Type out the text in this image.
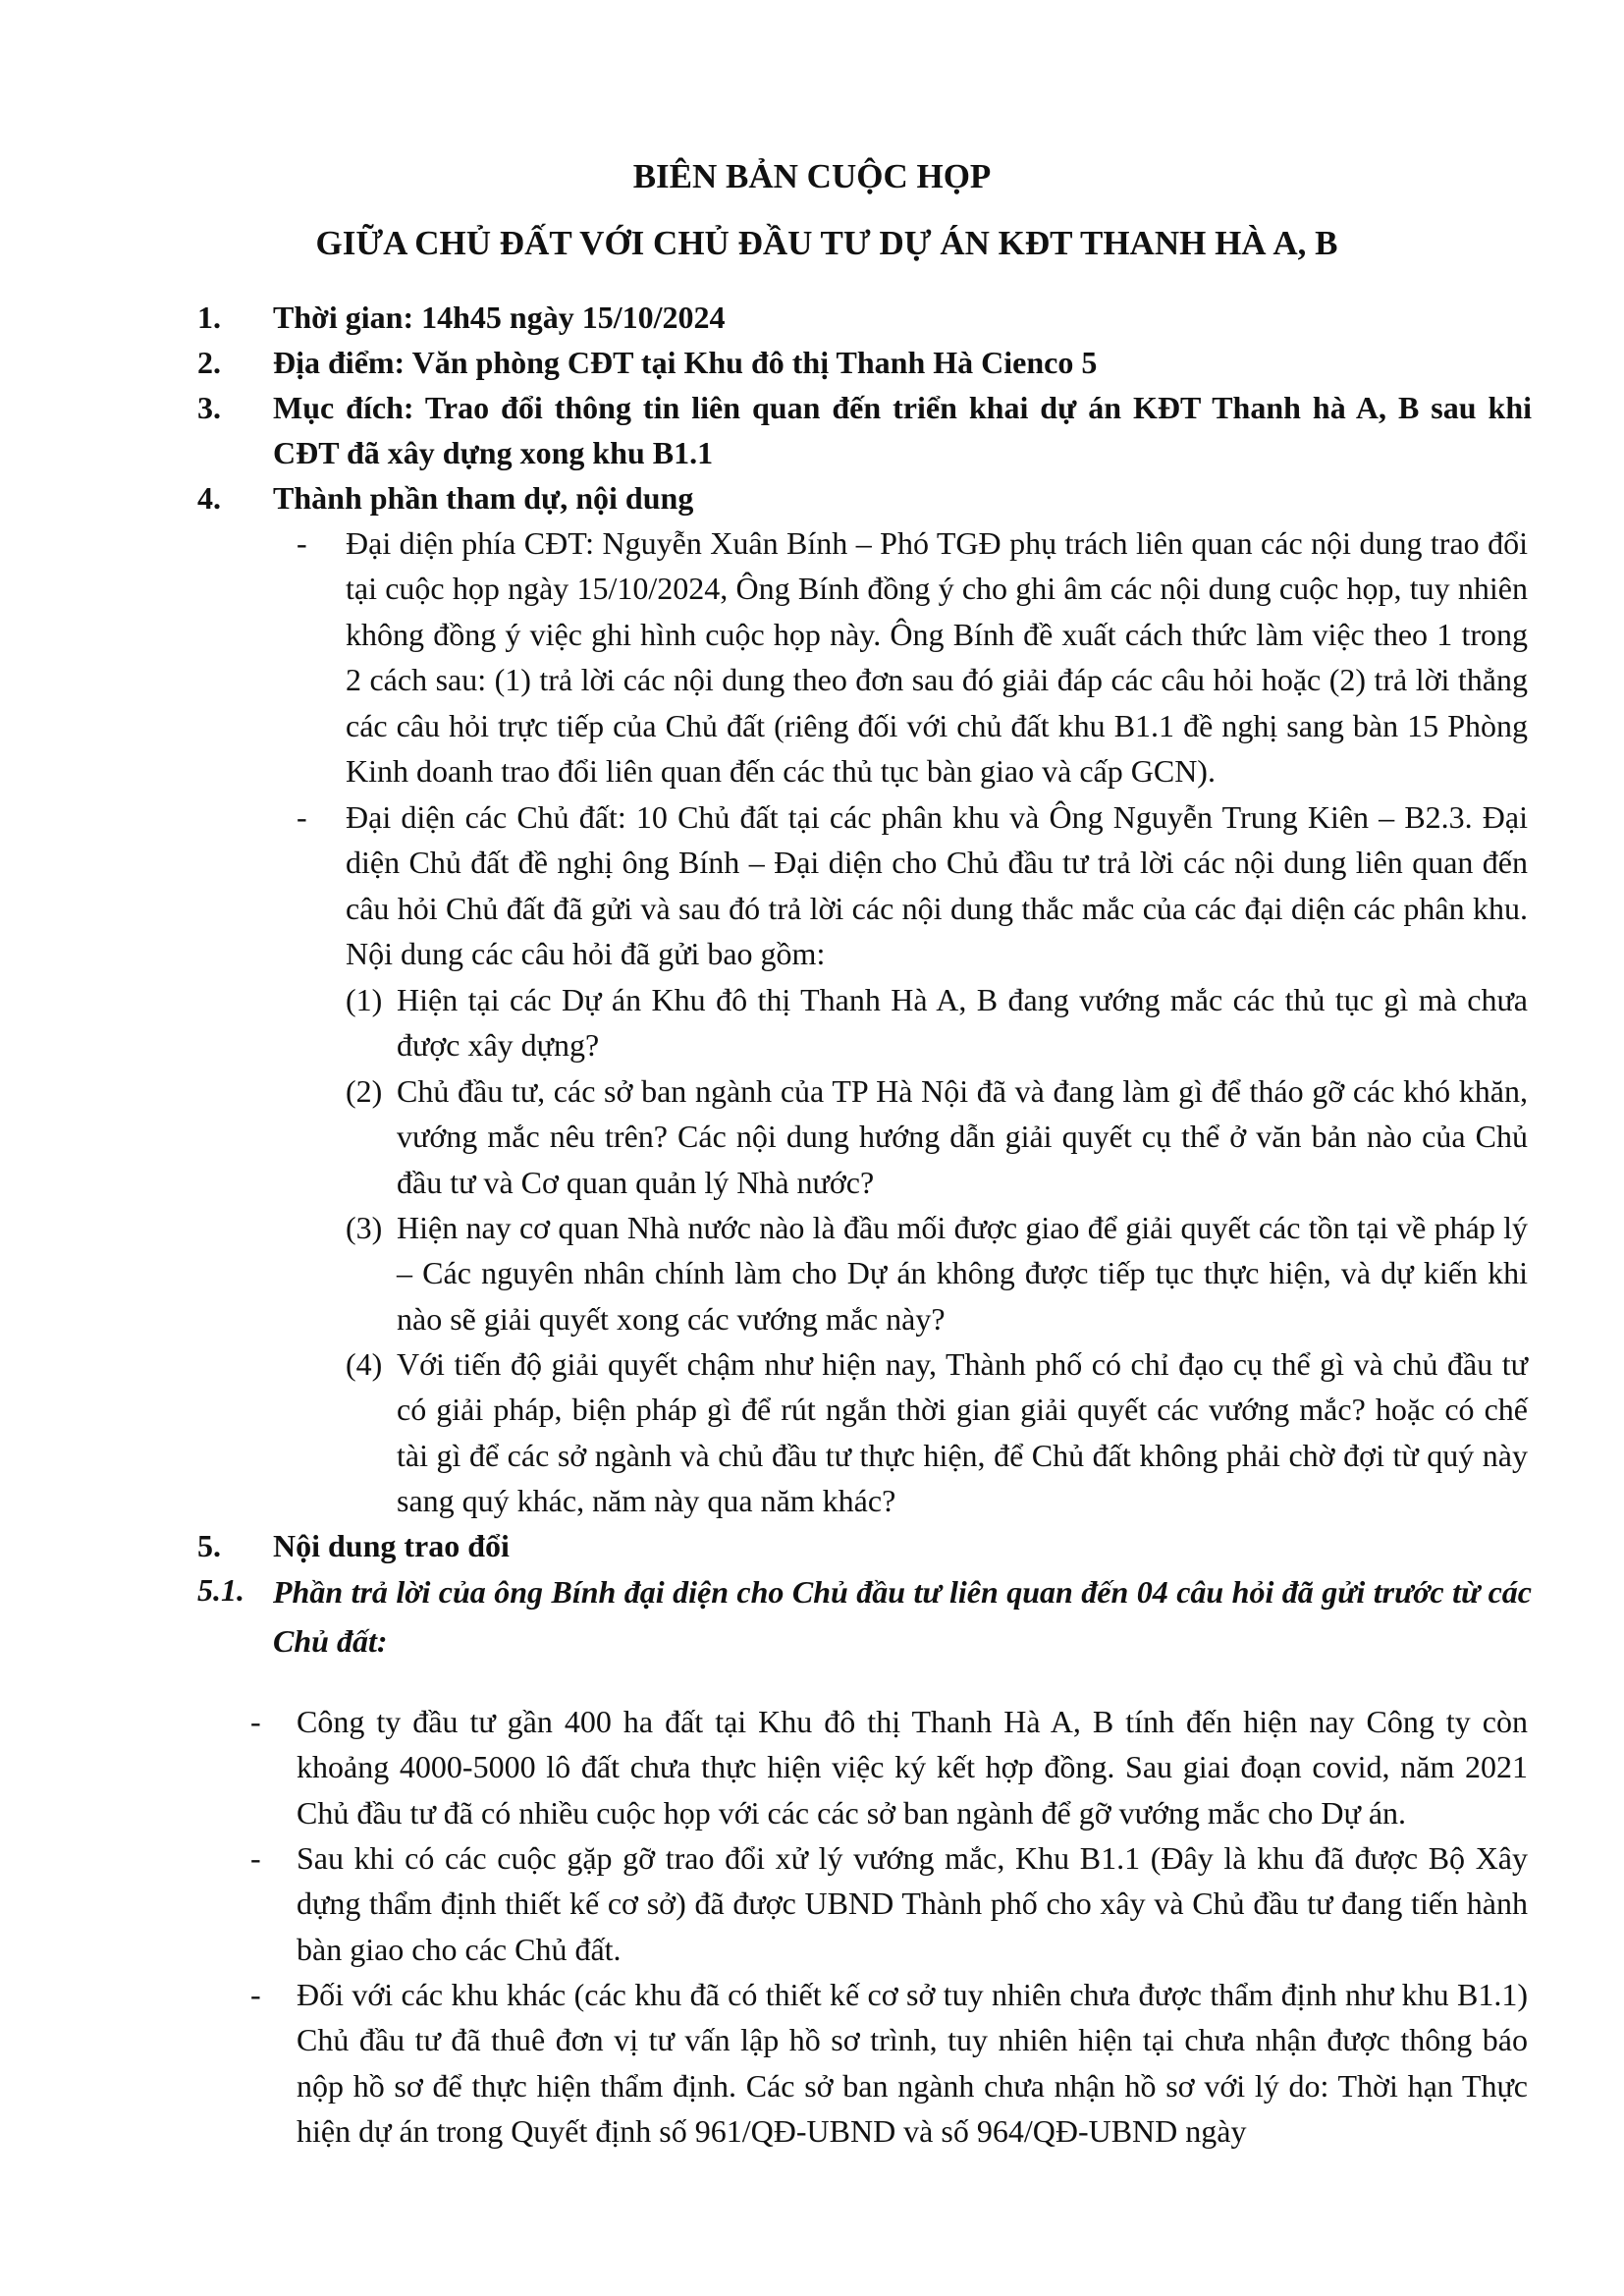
BIÊN BẢN CUỘC HỌP
GIỮA CHỦ ĐẤT VỚI CHỦ ĐẦU TƯ DỰ ÁN KĐT THANH HÀ A, B
1. Thời gian: 14h45 ngày 15/10/2024
2. Địa điểm: Văn phòng CĐT tại Khu đô thị Thanh Hà Cienco 5
3. Mục đích: Trao đổi thông tin liên quan đến triển khai dự án KĐT Thanh hà A, B sau khi CĐT đã xây dựng xong khu B1.1
4. Thành phần tham dự, nội dung
- Đại diện phía CĐT: Nguyễn Xuân Bính – Phó TGĐ phụ trách liên quan các nội dung trao đổi tại cuộc họp ngày 15/10/2024, Ông Bính đồng ý cho ghi âm các nội dung cuộc họp, tuy nhiên không đồng ý việc ghi hình cuộc họp này. Ông Bính đề xuất cách thức làm việc theo 1 trong 2 cách sau: (1) trả lời các nội dung theo đơn sau đó giải đáp các câu hỏi hoặc (2) trả lời thẳng các câu hỏi trực tiếp của Chủ đất (riêng đối với chủ đất khu B1.1 đề nghị sang bàn 15 Phòng Kinh doanh trao đổi liên quan đến các thủ tục bàn giao và cấp GCN).
- Đại diện các Chủ đất: 10 Chủ đất tại các phân khu và Ông Nguyễn Trung Kiên – B2.3. Đại diện Chủ đất đề nghị ông Bính – Đại diện cho Chủ đầu tư trả lời các nội dung liên quan đến câu hỏi Chủ đất đã gửi và sau đó trả lời các nội dung thắc mắc của các đại diện các phân khu. Nội dung các câu hỏi đã gửi bao gồm:
(1) Hiện tại các Dự án Khu đô thị Thanh Hà A, B đang vướng mắc các thủ tục gì mà chưa được xây dựng?
(2) Chủ đầu tư, các sở ban ngành của TP Hà Nội đã và đang làm gì để tháo gỡ các khó khăn, vướng mắc nêu trên? Các nội dung hướng dẫn giải quyết cụ thể ở văn bản nào của Chủ đầu tư và Cơ quan quản lý Nhà nước?
(3) Hiện nay cơ quan Nhà nước nào là đầu mối được giao để giải quyết các tồn tại về pháp lý – Các nguyên nhân chính làm cho Dự án không được tiếp tục thực hiện, và dự kiến khi nào sẽ giải quyết xong các vướng mắc này?
(4) Với tiến độ giải quyết chậm như hiện nay, Thành phố có chỉ đạo cụ thể gì và chủ đầu tư có giải pháp, biện pháp gì để rút ngắn thời gian giải quyết các vướng mắc? hoặc có chế tài gì để các sở ngành và chủ đầu tư thực hiện, để Chủ đất không phải chờ đợi từ quý này sang quý khác, năm này qua năm khác?
5. Nội dung trao đổi
5.1. Phần trả lời của ông Bính đại diện cho Chủ đầu tư liên quan đến 04 câu hỏi đã gửi trước từ các Chủ đất:
- Công ty đầu tư gần 400 ha đất tại Khu đô thị Thanh Hà A, B tính đến hiện nay Công ty còn khoảng 4000-5000 lô đất chưa thực hiện việc ký kết hợp đồng. Sau giai đoạn covid, năm 2021 Chủ đầu tư đã có nhiều cuộc họp với các các sở ban ngành để gỡ vướng mắc cho Dự án.
- Sau khi có các cuộc gặp gỡ trao đổi xử lý vướng mắc, Khu B1.1 (Đây là khu đã được Bộ Xây dựng thẩm định thiết kế cơ sở) đã được UBND Thành phố cho xây và Chủ đầu tư đang tiến hành bàn giao cho các Chủ đất.
- Đối với các khu khác (các khu đã có thiết kế cơ sở tuy nhiên chưa được thẩm định như khu B1.1) Chủ đầu tư đã thuê đơn vị tư vấn lập hồ sơ trình, tuy nhiên hiện tại chưa nhận được thông báo nộp hồ sơ để thực hiện thẩm định. Các sở ban ngành chưa nhận hồ sơ với lý do: Thời hạn Thực hiện dự án trong Quyết định số 961/QĐ-UBND và số 964/QĐ-UBND ngày
